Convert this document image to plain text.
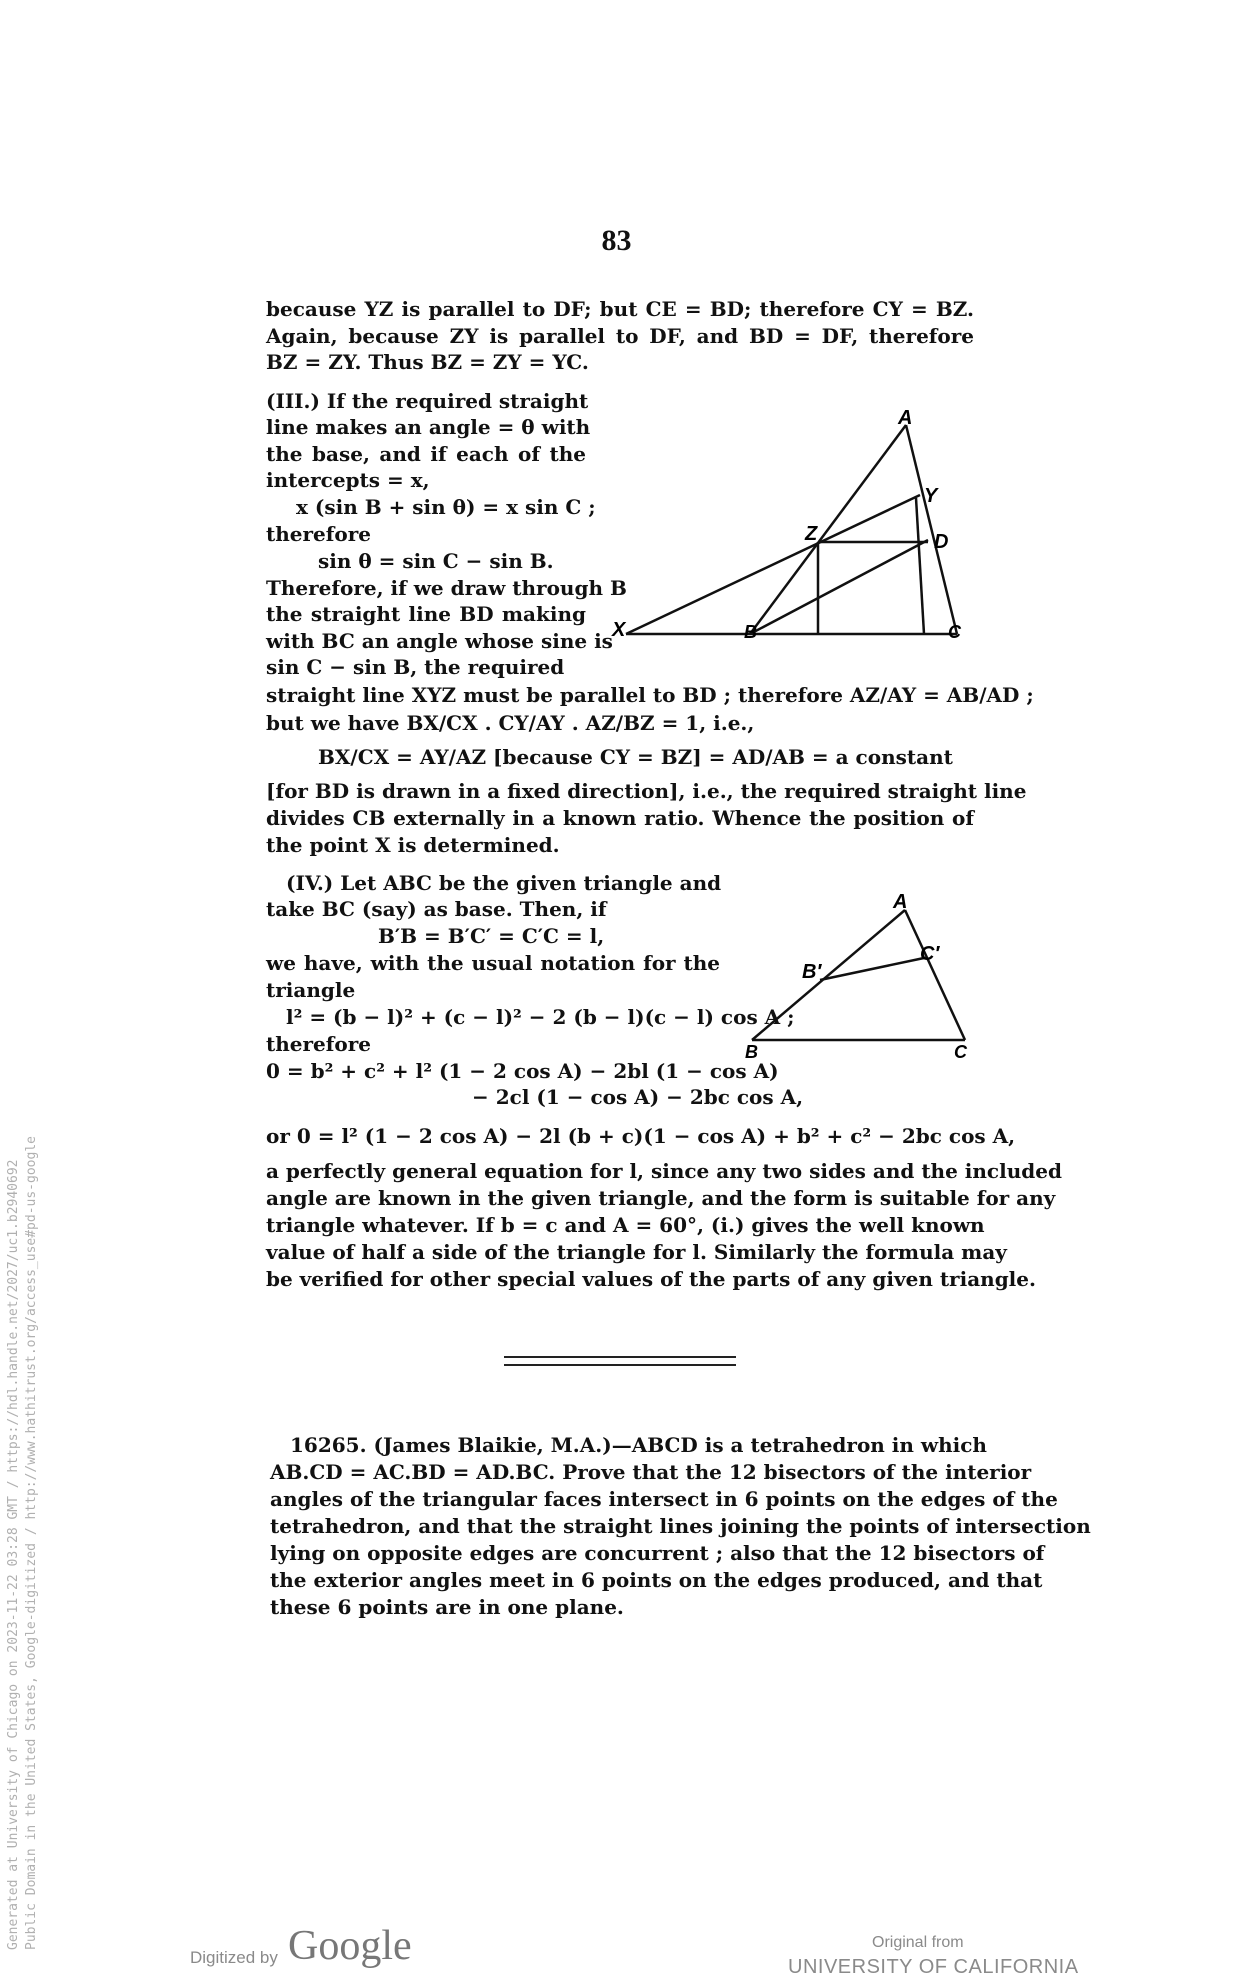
Generated at University of Chicago on 2023-11-22 03:28 GMT / https://hdl.handle.net/2027/uc1.b2940692 Public Domain in the United States, Google-digitized / http://www.hathitrust.org/access_use#pd-us-google
83
because YZ is parallel to DF; but CE = BD; therefore CY = BZ.
Again, because ZY is parallel to DF, and BD = DF, therefore
BZ = ZY. Thus BZ = ZY = YC.
(III.) If the required straight
line makes an angle = θ with
the base, and if each of the
intercepts = x,
x (sin B + sin θ) = x sin C ;
therefore
sin θ = sin C − sin B.
Therefore, if we draw through B
the straight line BD making
with BC an angle whose sine is
sin C − sin B, the required
A
Y
Z	D
X	B	C
straight line XYZ must be parallel to BD ; therefore AZ/AY = AB/AD ;
but we have BX/CX . CY/AY . AZ/BZ = 1, i.e.,
BX/CX = AY/AZ [because CY = BZ] = AD/AB = a constant
[for BD is drawn in a fixed direction], i.e., the required straight line
divides CB externally in a known ratio. Whence the position of
the point X is determined.
(IV.) Let ABC be the given triangle and
take BC (say) as base. Then, if
B′B = B′C′ = C′C = l,
we have, with the usual notation for the
triangle
l² = (b − l)² + (c − l)² − 2 (b − l)(c − l) cos A ;
therefore
0 = b² + c² + l² (1 − 2 cos A) − 2bl (1 − cos A)
− 2cl (1 − cos A) − 2bc cos A,
A
B′
C′
B	C
or 0 = l² (1 − 2 cos A) − 2l (b + c)(1 − cos A) + b² + c² − 2bc cos A,
a perfectly general equation for l, since any two sides and the included
angle are known in the given triangle, and the form is suitable for any
triangle whatever. If b = c and A = 60°, (i.) gives the well known
value of half a side of the triangle for l. Similarly the formula may
be verified for other special values of the parts of any given triangle.
16265. (James Blaikie, M.A.)—ABCD is a tetrahedron in which
AB.CD = AC.BD = AD.BC. Prove that the 12 bisectors of the interior
angles of the triangular faces intersect in 6 points on the edges of the
tetrahedron, and that the straight lines joining the points of intersection
lying on opposite edges are concurrent ; also that the 12 bisectors of
the exterior angles meet in 6 points on the edges produced, and that
these 6 points are in one plane.
Digitized by Google	Original from
UNIVERSITY OF CALIFORNIA
